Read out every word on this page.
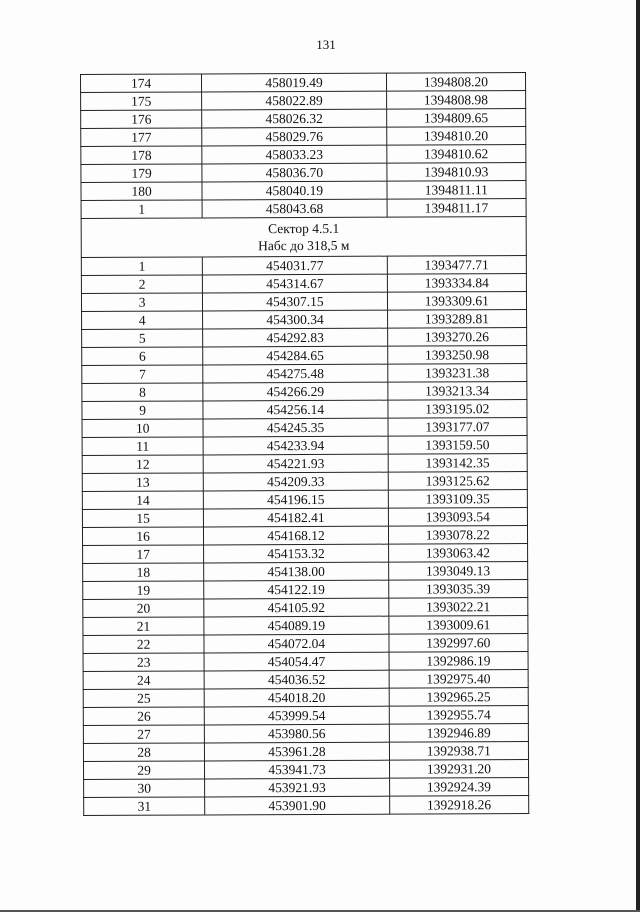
131
174	458019.49	1394808.20
175	458022.89	1394808.98
176	458026.32	1394809.65
177	458029.76	1394810.20
178	458033.23	1394810.62
179	458036.70	1394810.93
180	458040.19	1394811.11
1	458043.68	1394811.17

Сектор 4.5.1
Набс до 318,5 м		

1	454031.77	1393477.71
2	454314.67	1393334.84
3	454307.15	1393309.61
4	454300.34	1393289.81
5	454292.83	1393270.26
6	454284.65	1393250.98
7	454275.48	1393231.38
8	454266.29	1393213.34
9	454256.14	1393195.02
10	454245.35	1393177.07
11	454233.94	1393159.50
12	454221.93	1393142.35
13	454209.33	1393125.62
14	454196.15	1393109.35
15	454182.41	1393093.54
16	454168.12	1393078.22
17	454153.32	1393063.42
18	454138.00	1393049.13
19	454122.19	1393035.39
20	454105.92	1393022.21
21	454089.19	1393009.61
22	454072.04	1392997.60
23	454054.47	1392986.19
24	454036.52	1392975.40
25	454018.20	1392965.25
26	453999.54	1392955.74
27	453980.56	1392946.89
28	453961.28	1392938.71
29	453941.73	1392931.20
30	453921.93	1392924.39
31	453901.90	1392918.26
